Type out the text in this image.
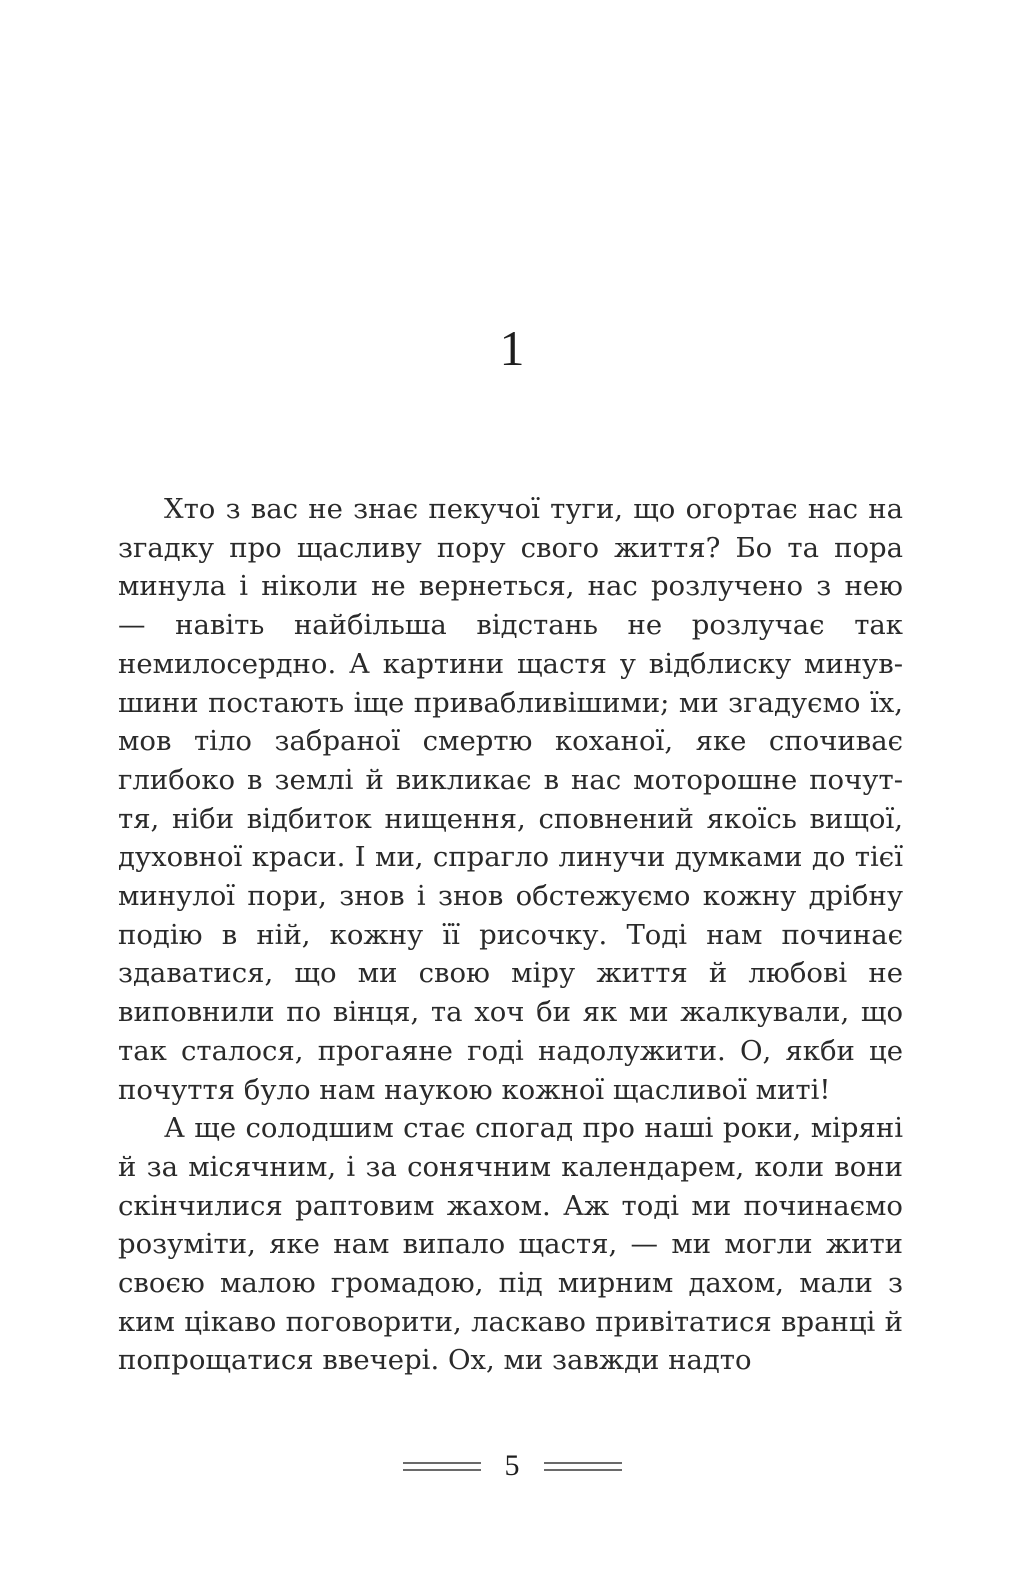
1

Хто з вас не знає пекучої туги, що огортає нас на згадку про щасливу пору свого життя? Бо та пора минула і ніколи не вернеться, нас розлучено з нею — навіть найбільша відстань не розлучає так немилосердно. А картини щастя у відблиску минувшини постають іще привабливішими; ми згадуємо їх, мов тіло забраної смертю коханої, яке спочиває глибоко в землі й викликає в нас моторошне почуття, ніби відбиток нищення, сповнений якоїсь вищої, духовної краси. І ми, спрагло линучи думками до тієї минулої пори, знов і знов обстежуємо кожну дрібну подію в ній, кожну її рисочку. Тоді нам починає здаватися, що ми свою міру життя й любові не виповнили по вінця, та хоч би як ми жалкували, що так сталося, прогаяне годі надолужити. О, якби це почуття було нам наукою кожної щасливої миті!

А ще солодшим стає спогад про наші роки, міряні й за місячним, і за сонячним календарем, коли вони скінчилися раптовим жахом. Аж тоді ми починаємо розуміти, яке нам випало щастя, — ми могли жити своєю малою громадою, під мирним дахом, мали з ким цікаво поговорити, ласкаво привітатися вранці й попрощатися ввечері. Ох, ми завжди надто

5
